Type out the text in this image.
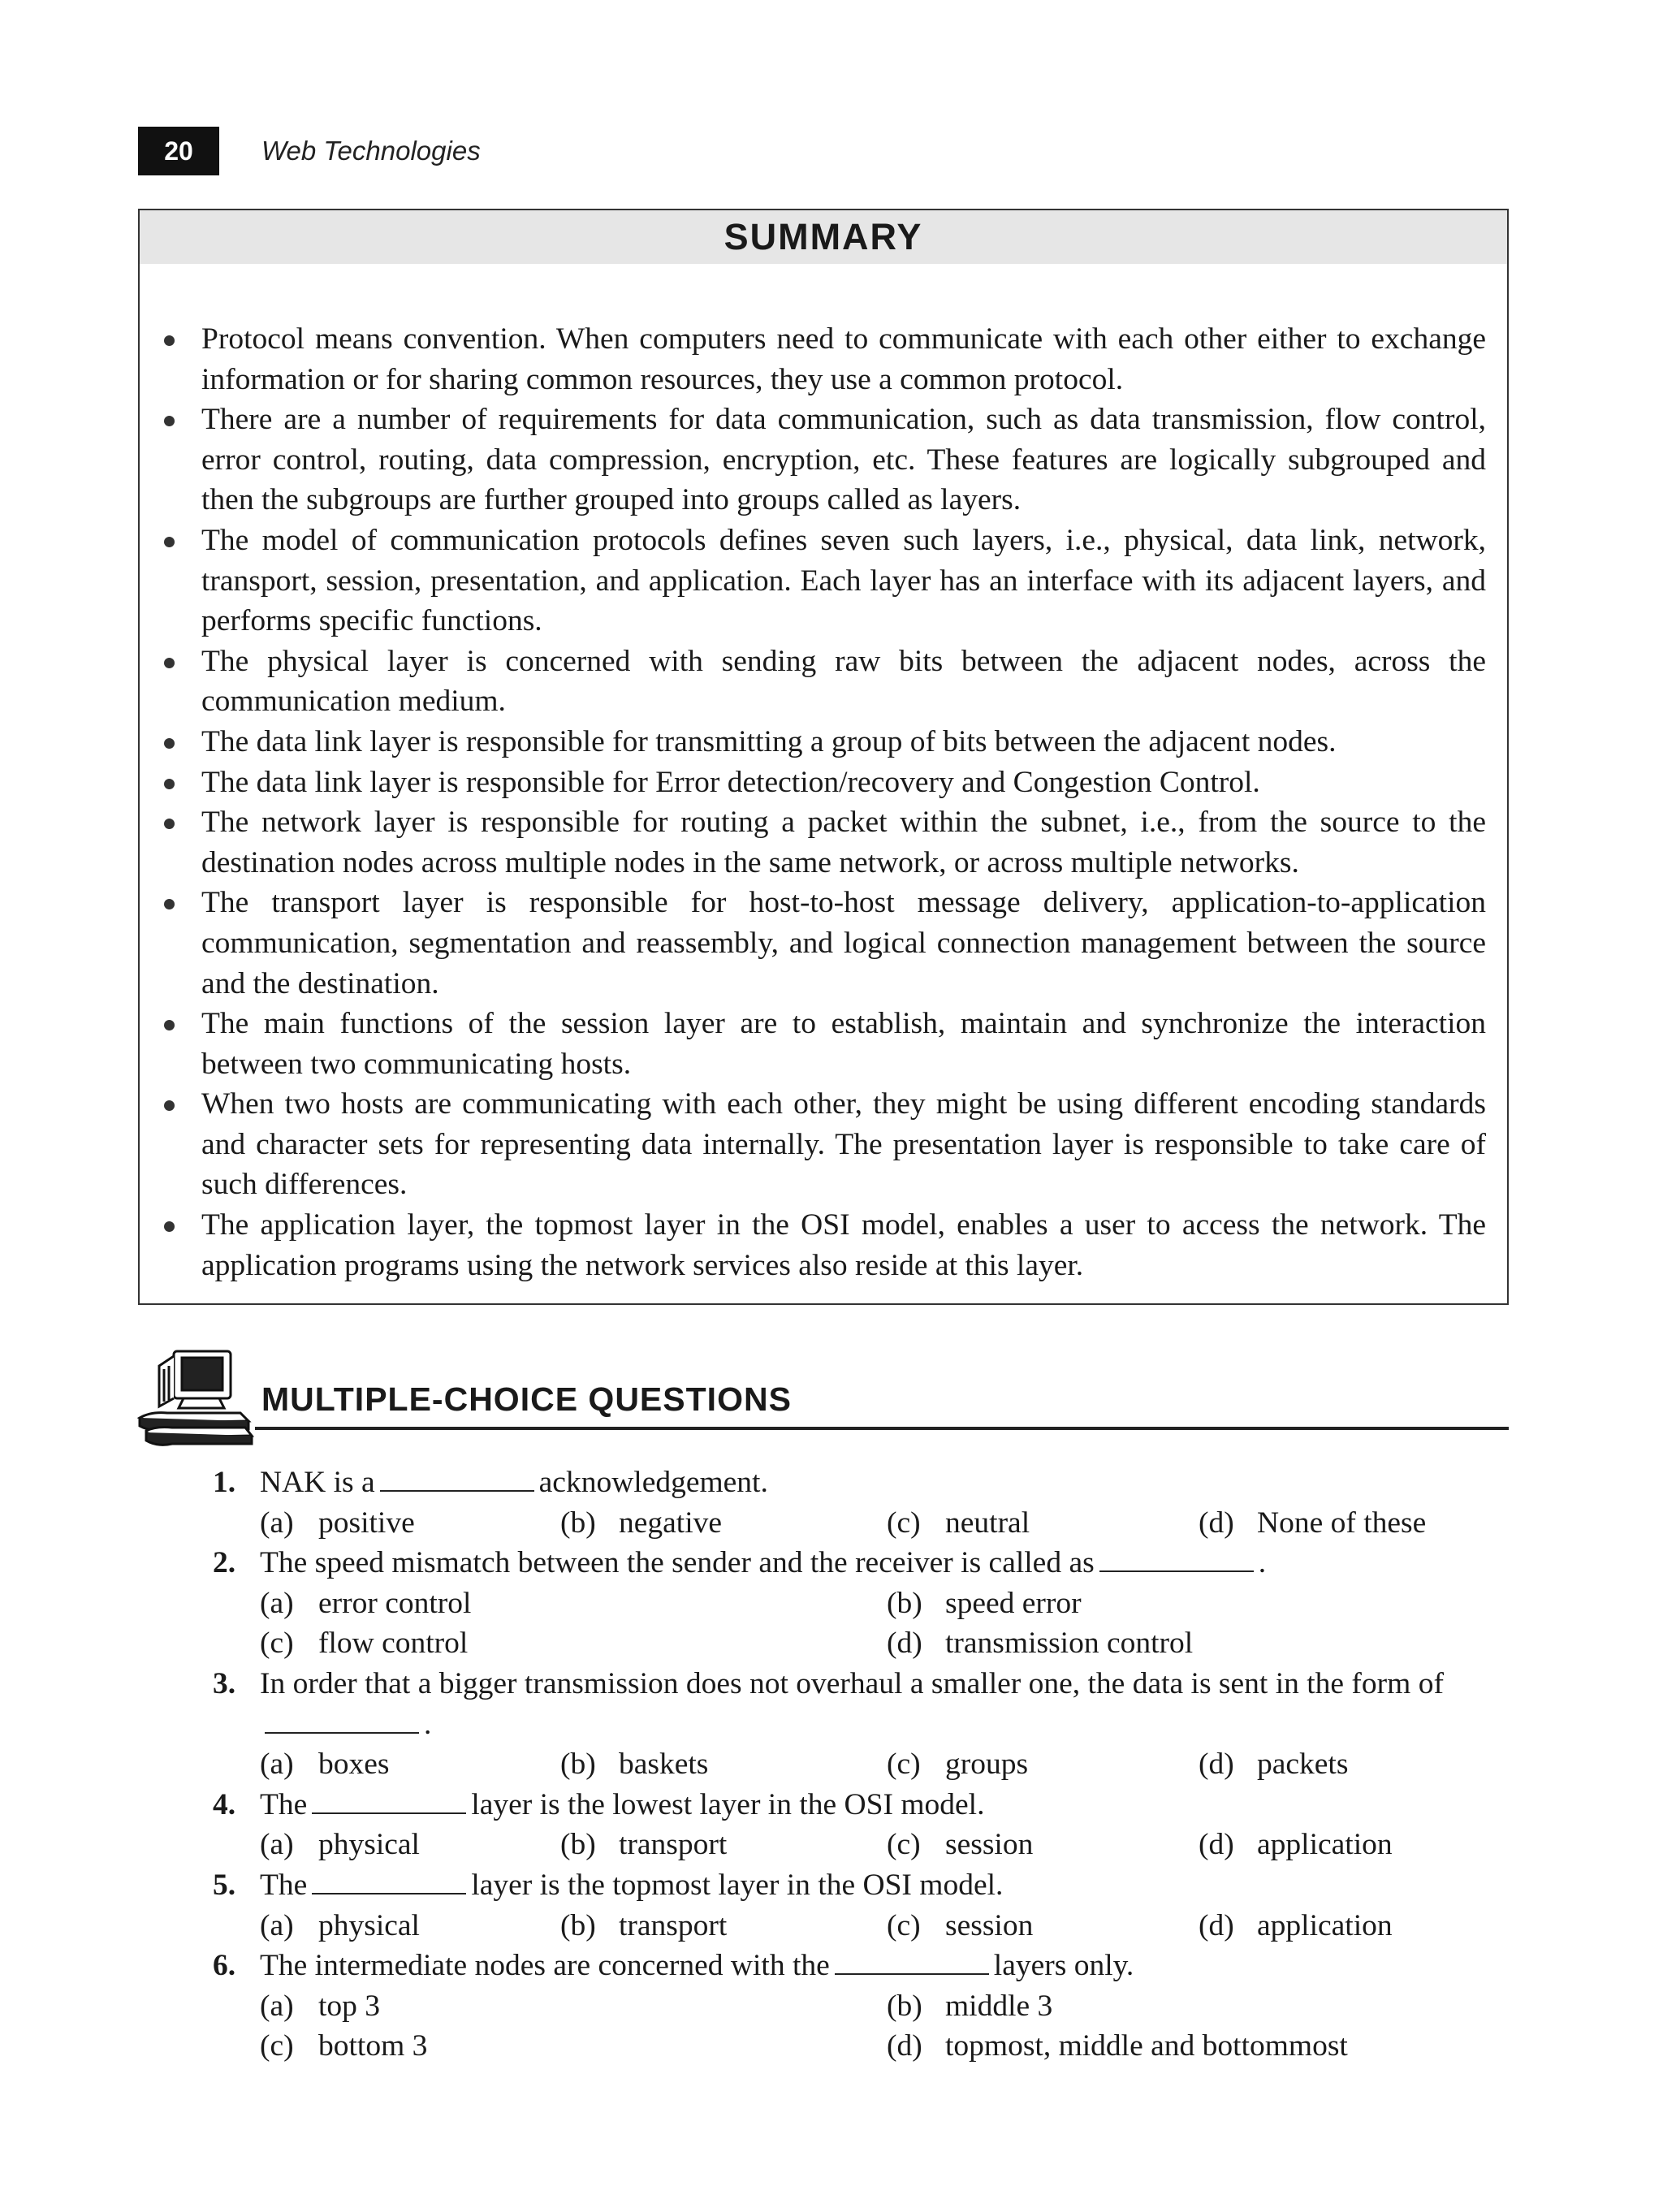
20	Web Technologies
SUMMARY
Protocol means convention. When computers need to communicate with each other either to exchange information or for sharing common resources, they use a common protocol.
There are a number of requirements for data communication, such as data transmission, flow control, error control, routing, data compression, encryption, etc. These features are logically subgrouped and then the subgroups are further grouped into groups called as layers.
The model of communication protocols defines seven such layers, i.e., physical, data link, network, transport, session, presentation, and application. Each layer has an interface with its adjacent layers, and performs specific functions.
The physical layer is concerned with sending raw bits between the adjacent nodes, across the communication medium.
The data link layer is responsible for transmitting a group of bits between the adjacent nodes.
The data link layer is responsible for Error detection/recovery and Congestion Control.
The network layer is responsible for routing a packet within the subnet, i.e., from the source to the destination nodes across multiple nodes in the same network, or across multiple networks.
The transport layer is responsible for host-to-host message delivery, application-to-application communication, segmentation and reassembly, and logical connection management between the source and the destination.
The main functions of the session layer are to establish, maintain and synchronize the interaction between two communicating hosts.
When two hosts are communicating with each other, they might be using different encoding standards and character sets for representing data internally. The presentation layer is responsible to take care of such differences.
The application layer, the topmost layer in the OSI model, enables a user to access the network. The application programs using the network services also reside at this layer.
MULTIPLE-CHOICE QUESTIONS
1. NAK is a	acknowledgement.
(a) positive	(b) negative	(c) neutral	(d) None of these
2. The speed mismatch between the sender and the receiver is called as	.
(a) error control	(b) speed error
(c) flow control	(d) transmission control
3. In order that a bigger transmission does not overhaul a smaller one, the data is sent in the form of.
(a) boxes	(b) baskets	(c) groups	(d) packets
4. The	layer is the lowest layer in the OSI model.
(a) physical	(b) transport	(c) session	(d) application
5. The	layer is the topmost layer in the OSI model.
(a) physical	(b) transport	(c) session	(d) application
6. The intermediate nodes are concerned with the	layers only.
(a) top 3	(b) middle 3
(c) bottom 3	(d) topmost, middle and bottommost
